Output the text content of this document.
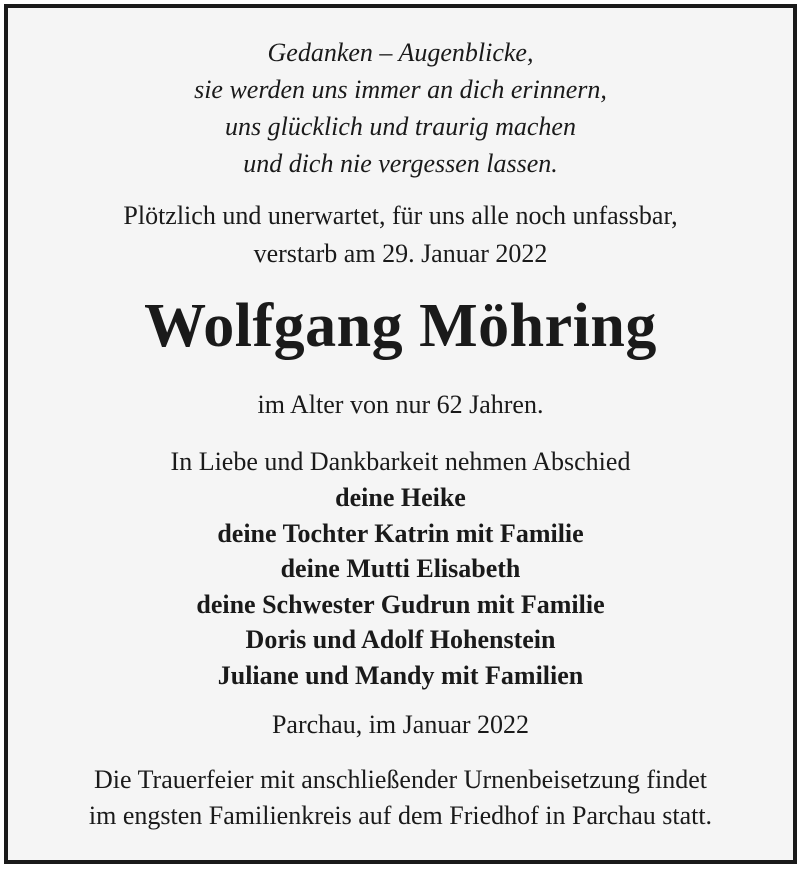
Gedanken – Augenblicke,
sie werden uns immer an dich erinnern,
uns glücklich und traurig machen
und dich nie vergessen lassen.
Plötzlich und unerwartet, für uns alle noch unfassbar,
verstarb am 29. Januar 2022
Wolfgang Möhring
im Alter von nur 62 Jahren.
In Liebe und Dankbarkeit nehmen Abschied
deine Heike
deine Tochter Katrin mit Familie
deine Mutti Elisabeth
deine Schwester Gudrun mit Familie
Doris und Adolf Hohenstein
Juliane und Mandy mit Familien
Parchau, im Januar 2022
Die Trauerfeier mit anschließender Urnenbeisetzung findet
im engsten Familienkreis auf dem Friedhof in Parchau statt.
